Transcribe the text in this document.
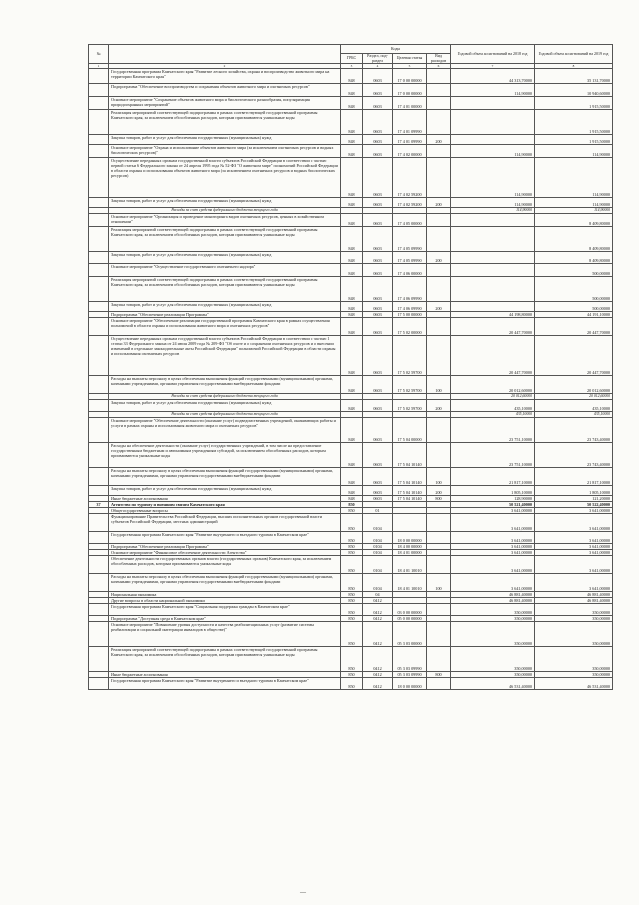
№		Коды				Годовой объем ассигнований на 2018 год	Годовой объем ассигнований на 2019 год
		ГРБС	Раздел, под-раздел	Целевая статья	Вид расходов		
1	2	3	4	5	6	7	8
	Государственная программа Камчатского края "Развитие лесного хозяйства, охрана и воспроизводство животного мира на территории Камчатского края"	848	0603	17 0 00 00000		44 313,70000	35 131,70000
	Подпрограмма "Обеспечение воспроизводства и сохранения объектов животного мира и охотничьих ресурсов"	848	0603	17 0 00 00000		114,90000	10 940,60000
	Основное мероприятие "Сохранение объектов животного мира и биологического разнообразия, популяризация природоохранных мероприятий"	848	0603	17 4 01 00000			1 915,50000
	Реализация мероприятий соответствующей подпрограммы в рамках соответствующей государственной программы Камчатского края, за исключением обособленных расходов, которым присваиваются уникальные коды	848	0603	17 4 01 09990			1 915,50000
	Закупка товаров, работ и услуг для обеспечения государственных (муниципальных) нужд	848	0603	17 4 01 09990	200		1 915,50000
	Основное мероприятие "Охрана и использование объектов животного мира (за исключением охотничьих ресурсов и водных биологических ресурсов)"	848	0603	17 4 02 00000		114,90000	114,90000
	Осуществление переданных органам государственной власти субъектов Российской Федерации в соответствии с частью первой статьи 6 Федерального закона от 24 апреля 1995 года № 52-ФЗ "О животном мире" полномочий Российской Федерации в области охраны и использования объектов животного мира (за исключением охотничьих ресурсов и водных биологических ресурсов)	848	0603	17 4 02 59200		114,90000	114,90000
	Закупка товаров, работ и услуг для обеспечения государственных (муниципальных) нужд	848	0603	17 4 02 59200	200	114,90000	114,90000
	Расходы за счет средств федерального бюджета текущего года					114,90000	114,90000
	Основное мероприятие "Организация и проведение мониторинга видов охотничьих ресурсов, ценных в хозяйственном отношении"	848	0603	17 4 05 00000			8 409,80000
	Реализация мероприятий соответствующей подпрограммы в рамках соответствующей государственной программы Камчатского края, за исключением обособленных расходов, которым присваиваются уникальные коды	848	0603	17 4 05 09990			8 409,80000
	Закупка товаров, работ и услуг для обеспечения государственных (муниципальных) нужд	848	0603	17 4 05 09990	200		8 409,80000
	Основное мероприятие "Осуществление государственного охотничьего надзора"	848	0603	17 4 06 00000			500,00000
	Реализация мероприятий соответствующей подпрограммы в рамках соответствующей государственной программы Камчатского края, за исключением обособленных расходов, которым присваиваются уникальные коды	848	0603	17 4 06 09990			500,00000
	Закупка товаров, работ и услуг для обеспечения государственных (муниципальных) нужд	848	0603	17 4 06 09990	200		500,00000
	Подпрограмма "Обеспечение реализации Программы"	848	0603	17 5 00 00000		44 198,80000	44 191,10000
	Основное мероприятие "Обеспечение реализации государственной программы Камчатского края в рамках осуществления полномочий в области охраны и использования животного мира и охотничьих ресурсов"	848	0603	17 5 02 00000		20 447,70000	20 447,70000
	Осуществление переданных органам государственной власти субъектов Российской Федерации в соответствии с частью 1 статьи 33 Федерального закона от 24 июля 2009 года № 209-ФЗ "Об охоте и о сохранении охотничьих ресурсов и о внесении изменений в отдельные законодательные акты Российской Федерации" полномочий Российской Федерации в области охраны и использования охотничьих ресурсов	848	0603	17 5 02 59700		20 447,70000	20 447,70000
	Расходы на выплаты персоналу в целях обеспечения выполнения функций государственными (муниципальными) органами, казенными учреждениями, органами управления государственными внебюджетными фондами	848	0603	17 5 02 59700	100	20 012,60000	20 012,60000
	Расходы за счет средств федерального бюджета текущего года					20 012,60000	20 012,60000
	Закупка товаров, работ и услуг для обеспечения государственных (муниципальных) нужд	848	0603	17 5 02 59700	200	435,10000	435,10000
	Расходы за счет средств федерального бюджета текущего года					435,10000	435,10000
	Основное мероприятие "Обеспечение деятельности (оказание услуг) подведомственных учреждений, оказывающих работы и услуги в рамках охраны и использования животного мира и охотничьих ресурсов"	848	0603	17 5 04 00000		23 751,10000	23 743,40000
	Расходы на обеспечение деятельности (оказание услуг) государственных учреждений, в том числе на предоставление государственным бюджетным и автономным учреждениям субсидий, за исключением обособленных расходов, которым присваиваются уникальные коды	848	0603	17 5 04 10140		23 751,10000	23 743,40000
	Расходы на выплаты персоналу в целях обеспечения выполнения функций государственными (муниципальными) органами, казенными учреждениями, органами управления государственными внебюджетными фондами	848	0603	17 5 04 10140	100	21 817,10000	21 817,10000
	Закупка товаров, работ и услуг для обеспечения государственных (муниципальных) нужд	848	0603	17 5 04 10140	200	1 805,10000	1 805,10000
	Иные бюджетные ассигнования	848	0603	17 5 04 10140	800	128,90000	121,20000
37	Агентство по туризму и внешним связям Камчатского края	850				50 521,40000	50 522,40000
	Общегосударственные вопросы	850	01			3 641,00000	3 641,00000
	Функционирование Правительства Российской Федерации, высших исполнительных органов государственной власти субъектов Российской Федерации, местных администраций	850	0104			3 641,00000	3 641,00000
	Государственная программа Камчатского края "Развитие внутреннего и въездного туризма в Камчатском крае"	850	0104	18 0 00 00000		3 641,00000	3 641,00000
	Подпрограмма "Обеспечение реализации Программы"	850	0104	18 4 00 00000		3 641,00000	3 641,00000
	Основное мероприятие "Финансовое обеспечение деятельности Агентства"	850	0104	18 4 01 00000		3 641,00000	3 641,00000
	Обеспечение деятельности государственных органов власти (государственных органов) Камчатского края, за исключением обособленных расходов, которым присваиваются уникальные коды	850	0104	18 4 01 10010		3 641,00000	3 641,00000
	Расходы на выплаты персоналу в целях обеспечения выполнения функций государственными (муниципальными) органами, казенными учреждениями, органами управления государственными внебюджетными фондами	850	0104	18 4 01 10010	100	3 641,00000	3 641,00000
	Национальная экономика	850	04			46 881,40000	46 881,40000
	Другие вопросы в области национальной экономики	850	0412			46 881,40000	46 881,40000
	Государственная программа Камчатского края "Социальная поддержка граждан в Камчатском крае"	850	0412	03 0 00 00000		350,00000	350,00000
	Подпрограмма "Доступная среда в Камчатском крае"	850	0412	05 0 00 00000		350,00000	350,00000
	Основное мероприятие "Повышение уровня доступности и качества реабилитационных услуг (развитие системы реабилитации и социальной интеграции инвалидов в обществе)"	850	0412	05 3 03 00000		350,00000	350,00000
	Реализация мероприятий соответствующей подпрограммы в рамках соответствующей государственной программы Камчатского края, за исключением обособленных расходов, которым присваиваются уникальные коды	850	0412	05 3 03 09990		350,00000	350,00000
	Иные бюджетные ассигнования	850	0412	05 3 03 09990	800	350,00000	350,00000
	Государственная программа Камчатского края "Развитие внутреннего и въездного туризма в Камчатском крае"	850	0412	18 0 00 00000		46 531,40000	46 531,40000
—
